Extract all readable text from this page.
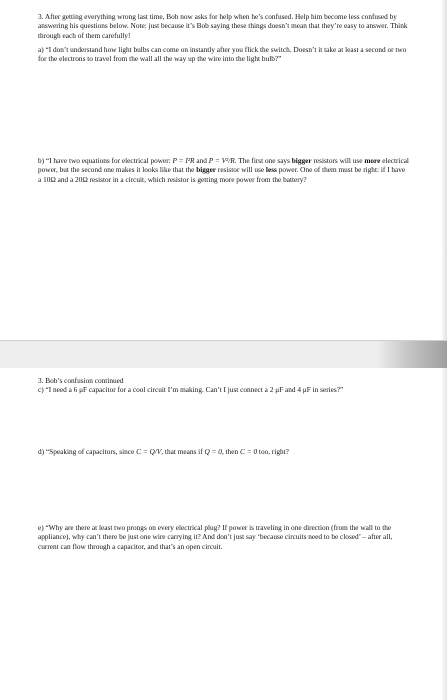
3. After getting everything wrong last time, Bob now asks for help when he’s confused. Help him become less confused by answering his questions below. Note: just because it’s Bob saying these things doesn’t mean that they’re easy to answer. Think through each of them carefully!
a) “I don’t understand how light bulbs can come on instantly after you flick the switch. Doesn’t it take at least a second or two for the electrons to travel from the wall all the way up the wire into the light bulb?”
b) “I have two equations for electrical power: P = I²R and P = V²/R. The first one says bigger resistors will use more electrical power, but the second one makes it looks like that the bigger resistor will use less power. One of them must be right: if I have a 10Ω and a 20Ω resistor in a circuit, which resistor is getting more power from the battery?
3. Bob’s confusion continued
c) “I need a 6 μF capacitor for a cool circuit I’m making. Can’t I just connect a 2 μF and 4 μF in series?”
d) “Speaking of capacitors, since C = Q/V, that means if Q = 0, then C = 0 too, right?
e) “Why are there at least two prongs on every electrical plug? If power is traveling in one direction (from the wall to the appliance), why can’t there be just one wire carrying it? And don’t just say ‘because circuits need to be closed’ – after all, current can flow through a capacitor, and that’s an open circuit.
